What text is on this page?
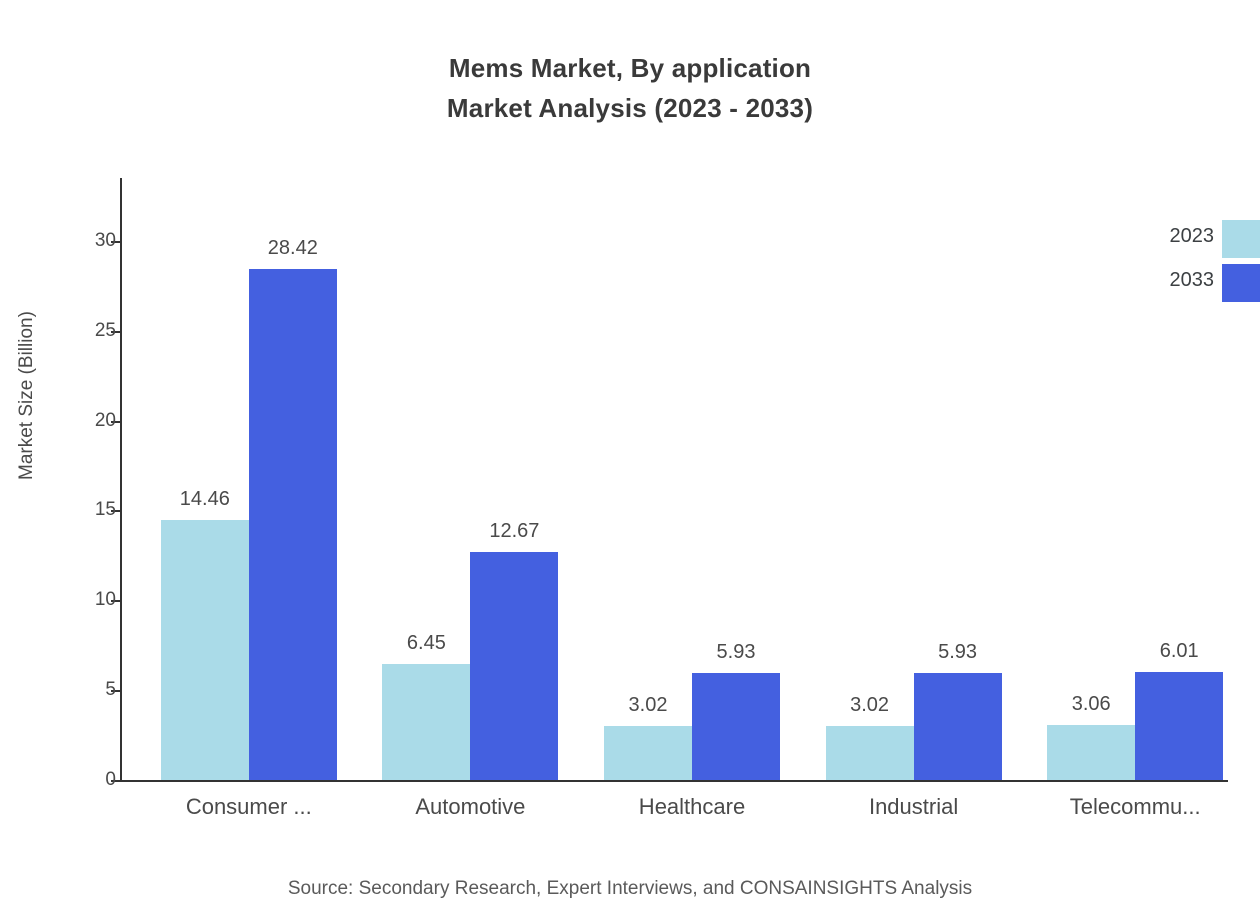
Mems Market, By application
Market Analysis (2023 - 2033)
Market Size (Billion)
0
5
10
15
20
25
30
14.46
28.42
6.45
12.67
3.02
5.93
3.02
5.93
3.06
6.01
Consumer ...	Automotive	Healthcare	Industrial	Telecommu...
2023
2033
Source: Secondary Research, Expert Interviews, and CONSAINSIGHTS Analysis
